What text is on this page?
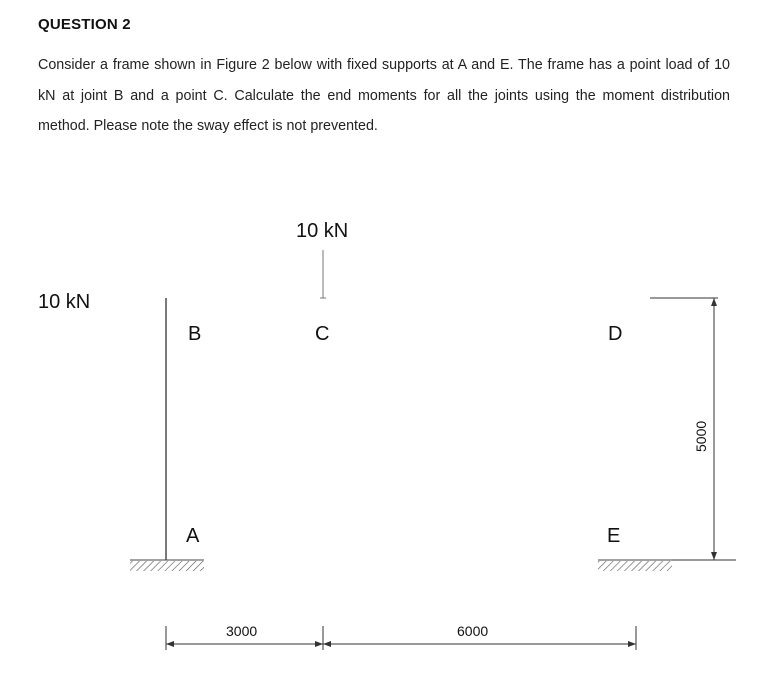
QUESTION 2
Consider a frame shown in Figure 2 below with fixed supports at A and E. The frame has a point load of 10 kN at joint B and a point C. Calculate the end moments for all the joints using the moment distribution method. Please note the sway effect is not prevented.
10 kN
10 kN
B	C	D
A	E
3000	6000
5000
